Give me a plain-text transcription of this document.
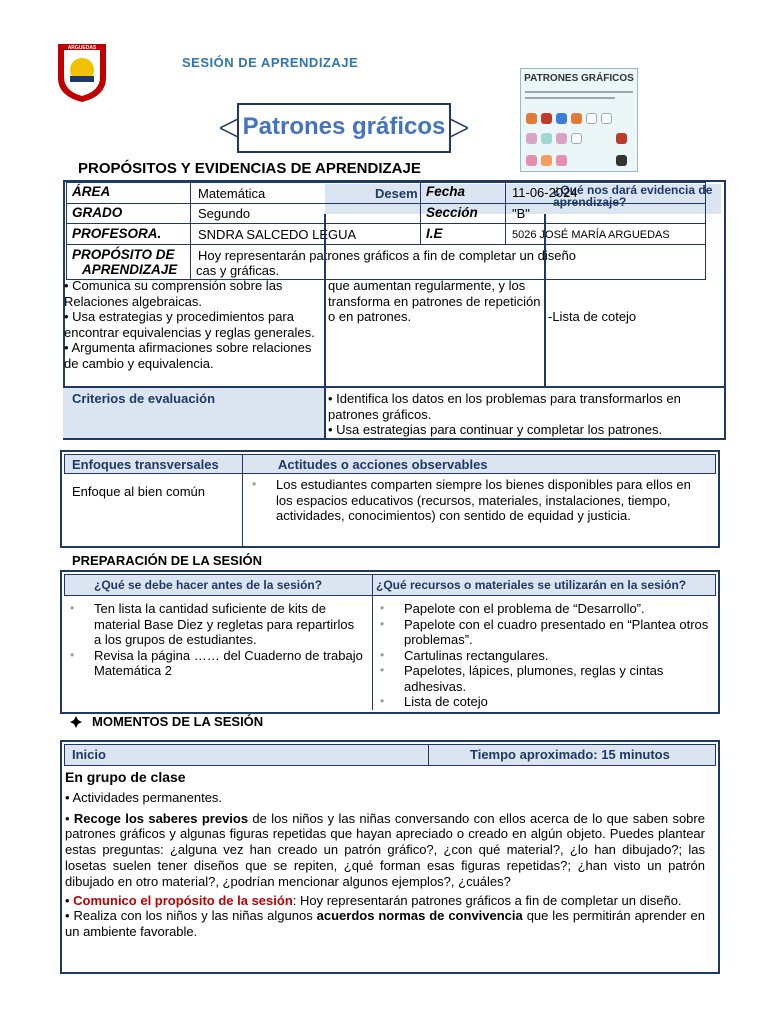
ARGUEDAS
SESIÓN DE APRENDIZAJE
Patrones gráficos
PATRONES GRÁFICOS
PROPÓSITOS Y EVIDENCIAS DE APRENDIZAJE
Desem	¿Qué nos dará evidencia de aprendizaje?
ÁREA	Matemática
GRADO	Segundo
PROFESORA.	SNDRA SALCEDO LEGUA
PROPÓSITO DE
APRENDIZAJE
Hoy representarán patrones gráficos a fin de completar un diseño
cas y gráficas.
Fecha	11-06-2024
Sección	"B"
I.E	5026 JOSÉ MARÍA ARGUEDAS

• Comunica su comprensión sobre las Relaciones algebraicas.

• Usa estrategias y procedimientos para encontrar equivalencias y reglas generales.

• Argumenta afirmaciones sobre relaciones de cambio y equivalencia.

que aumentan regularmente, y los transforma en patrones de repetición o en patrones.	-Lista de cotejo
Criterios de evaluación	• Identifica los datos en los problemas para transformarlos en patrones gráficos.

• Usa estrategias para continuar y completar los patrones.

Enfoques transversales	Actitudes o acciones observables
Enfoque al bien común
•	Los estudiantes comparten siempre los bienes disponibles para ellos en los espacios educativos (recursos, materiales, instalaciones, tiempo, actividades, conocimientos) con sentido de equidad y justicia.
PREPARACIÓN DE LA SESIÓN
¿Qué se debe hacer antes de la sesión?	¿Qué recursos o materiales se utilizarán en la sesión?
• Ten lista la cantidad suficiente de kits de material Base Diez y regletas para repartirlos a los grupos de estudiantes.
• Revisa la página …… del Cuaderno de trabajo Matemática 2
• Papelote con el problema de “Desarrollo”.
• Papelote con el cuadro presentado en “Plantea otros problemas”.
• Cartulinas rectangulares.
• Papelotes, lápices, plumones, reglas y cintas adhesivas.
• Lista de cotejo
MOMENTOS DE LA SESIÓN
Inicio	Tiempo aproximado: 15 minutos
En grupo de clase
• Actividades permanentes.
• Recoge los saberes previos de los niños y las niñas conversando con ellos acerca de lo que saben sobre patrones gráficos y algunas figuras repetidas que hayan apreciado o creado en algún objeto. Puedes plantear estas preguntas: ¿alguna vez han creado un patrón gráfico?, ¿con qué material?, ¿lo han dibujado?; las losetas suelen tener diseños que se repiten, ¿qué forman esas figuras repetidas?; ¿han visto un patrón dibujado en otro material?, ¿podrían mencionar algunos ejemplos?, ¿cuáles?
• Comunico el propósito de la sesión: Hoy representarán patrones gráficos a fin de completar un diseño.
• Realiza con los niños y las niñas algunos acuerdos normas de convivencia que les permitirán aprender en un ambiente favorable.
